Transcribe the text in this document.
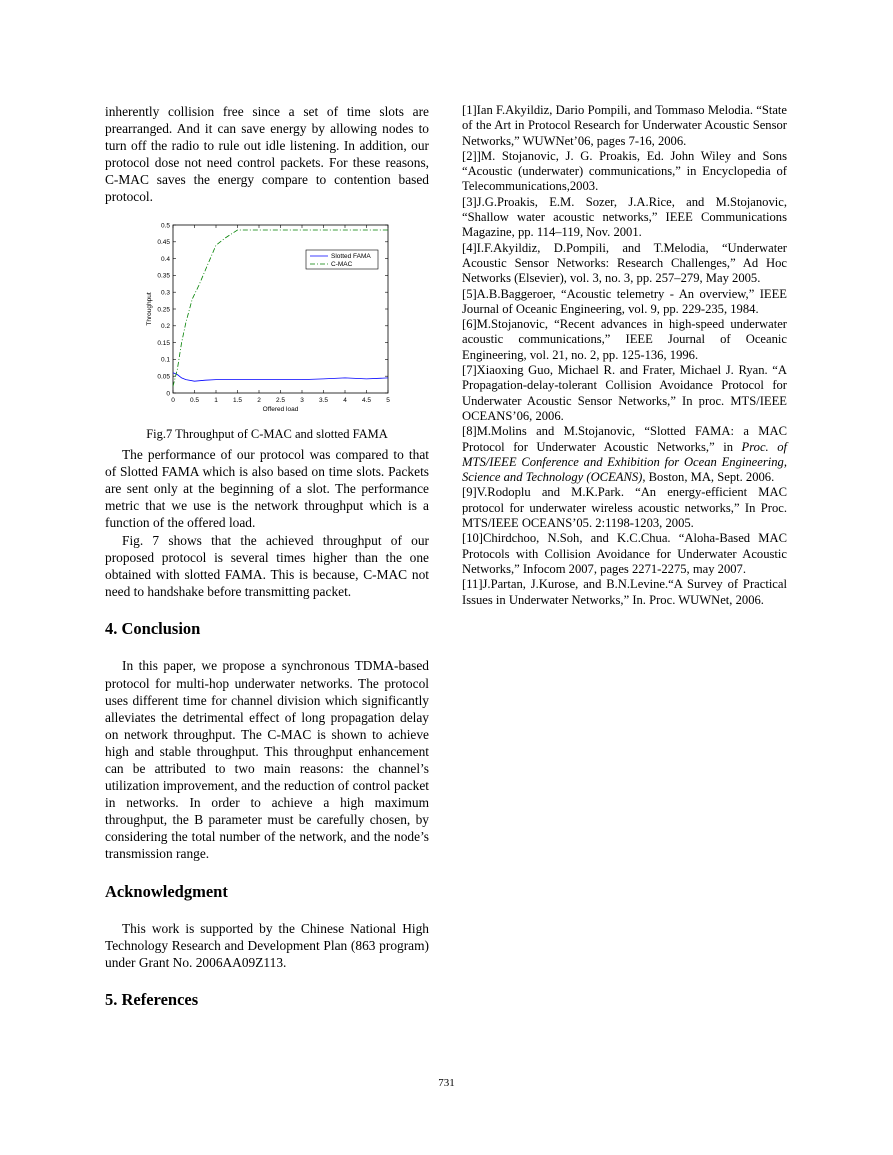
inherently collision free since a set of time slots are prearranged. And it can save energy by allowing nodes to turn off the radio to rule out idle listening. In addition, our protocol dose not need control packets. For these reasons, C-MAC saves the energy compare to contention based protocol.

0 0.5 1 1.5 2 2.5 3 3.5 4 4.5 5
0
0.05
0.1
0.15
0.2
0.25
0.3
0.35
0.4
0.45
0.5
Offered load
Throughput
Slotted FAMA
C-MAC

Fig.7 Throughput of C-MAC and slotted FAMA

The performance of our protocol was compared to that of Slotted FAMA which is also based on time slots. Packets are sent only at the beginning of a slot. The performance metric that we use is the network throughput which is a function of the offered load.

Fig. 7 shows that the achieved throughput of our proposed protocol is several times higher than the one obtained with slotted FAMA. This is because, C-MAC not need to handshake before transmitting packet.

4. Conclusion

In this paper, we propose a synchronous TDMA-based protocol for multi-hop underwater networks. The protocol uses different time for channel division which significantly alleviates the detrimental effect of long propagation delay on network throughput. The C-MAC is shown to achieve high and stable throughput. This throughput enhancement can be attributed to two main reasons: the channel’s utilization improvement, and the reduction of control packet in networks. In order to achieve a high maximum throughput, the B parameter must be carefully chosen, by considering the total number of the network, and the node’s transmission range.

Acknowledgment

This work is supported by the Chinese National High Technology Research and Development Plan (863 program) under Grant No. 2006AA09Z113.

5. References

[1]Ian F.Akyildiz, Dario Pompili, and Tommaso Melodia. “State of the Art in Protocol Research for Underwater Acoustic Sensor Networks,” WUWNet’06, pages 7-16, 2006.

[2]]M. Stojanovic, J. G. Proakis, Ed. John Wiley and Sons “Acoustic (underwater) communications,” in Encyclopedia of Telecommunications,2003.

[3]J.G.Proakis, E.M. Sozer, J.A.Rice, and M.Stojanovic, “Shallow water acoustic networks,” IEEE Communications Magazine, pp. 114–119, Nov. 2001.

[4]I.F.Akyildiz, D.Pompili, and T.Melodia, “Underwater Acoustic Sensor Networks: Research Challenges,” Ad Hoc Networks (Elsevier), vol. 3, no. 3, pp. 257–279, May 2005.

[5]A.B.Baggeroer, “Acoustic telemetry - An overview,” IEEE Journal of Oceanic Engineering, vol. 9, pp. 229-235, 1984.

[6]M.Stojanovic, “Recent advances in high-speed underwater acoustic communications,” IEEE Journal of Oceanic Engineering, vol. 21, no. 2, pp. 125-136, 1996.

[7]Xiaoxing Guo, Michael R. and Frater, Michael J. Ryan. “A Propagation-delay-tolerant Collision Avoidance Protocol for Underwater Acoustic Sensor Networks,” In proc. MTS/IEEE OCEANS’06, 2006.

[8]M.Molins and M.Stojanovic, “Slotted FAMA: a MAC Protocol for Underwater Acoustic Networks,” in Proc. of MTS/IEEE Conference and Exhibition for Ocean Engineering, Science and Technology (OCEANS), Boston, MA, Sept. 2006.

[9]V.Rodoplu and M.K.Park. “An energy-efficient MAC protocol for underwater wireless acoustic networks,” In Proc. MTS/IEEE OCEANS’05. 2:1198-1203, 2005.

[10]Chirdchoo, N.Soh, and K.C.Chua. “Aloha-Based MAC Protocols with Collision Avoidance for Underwater Acoustic Networks,” Infocom 2007, pages 2271-2275, may 2007.

[11]J.Partan, J.Kurose, and B.N.Levine.“A Survey of Practical Issues in Underwater Networks,” In. Proc. WUWNet, 2006.

731
